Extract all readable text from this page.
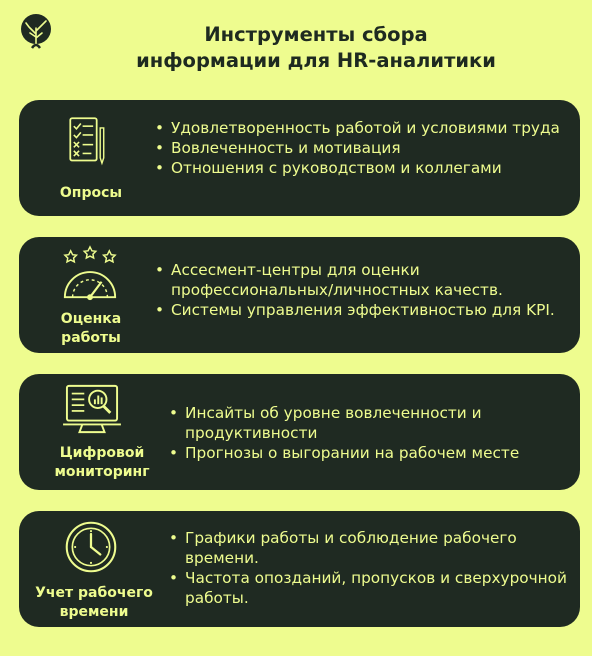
Инструменты сбора
информации для HR-аналитики
Опросы
• Удовлетворенность работой и условиями труда
• Вовлеченность и мотивация
• Отношения с руководством и коллегами
Оценка
работы
• Ассесмент-центры для оценки профессиональных/личностных качеств.
• Системы управления эффективностью для KPI.
Цифровой
мониторинг
• Инсайты об уровне вовлеченности и продуктивности
• Прогнозы о выгорании на рабочем месте
Учет рабочего
времени
• Графики работы и соблюдение рабочего времени.
• Частота опозданий, пропусков и сверхурочной работы.
